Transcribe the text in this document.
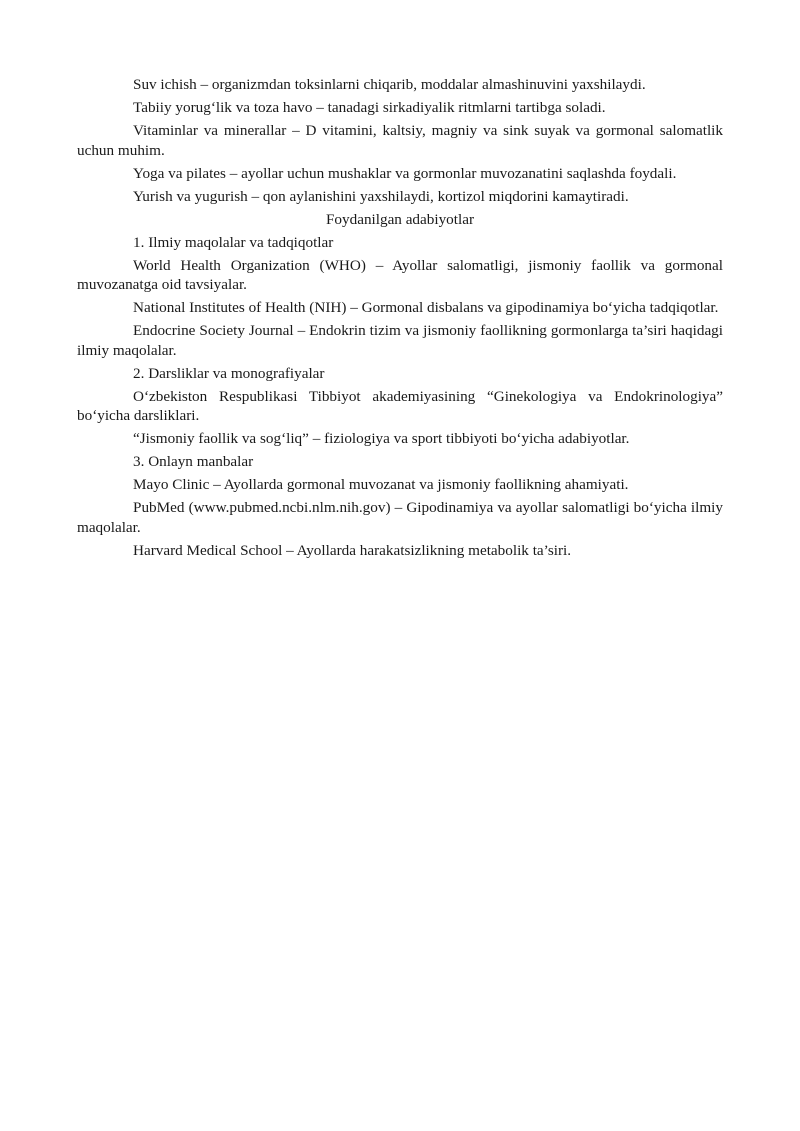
Suv ichish – organizmdan toksinlarni chiqarib, moddalar almashinuvini yaxshilaydi.

Tabiiy yorug‘lik va toza havo – tanadagi sirkadiyalik ritmlarni tartibga soladi.

Vitaminlar va minerallar – D vitamini, kaltsiy, magniy va sink suyak va gormonal salomatlik uchun muhim.

Yoga va pilates – ayollar uchun mushaklar va gormonlar muvozanatini saqlashda foydali.

Yurish va yugurish – qon aylanishini yaxshilaydi, kortizol miqdorini kamaytiradi.

Foydanilgan adabiyotlar

1. Ilmiy maqolalar va tadqiqotlar

World Health Organization (WHO) – Ayollar salomatligi, jismoniy faollik va gormonal muvozanatga oid tavsiyalar.

National Institutes of Health (NIH) – Gormonal disbalans va gipodinamiya bo‘yicha tadqiqotlar.

Endocrine Society Journal – Endokrin tizim va jismoniy faollikning gormonlarga ta’siri haqidagi ilmiy maqolalar.

2. Darsliklar va monografiyalar

O‘zbekiston Respublikasi Tibbiyot akademiyasining “Ginekologiya va Endokrinologiya” bo‘yicha darsliklari.

“Jismoniy faollik va sog‘liq” – fiziologiya va sport tibbiyoti bo‘yicha adabiyotlar.

3. Onlayn manbalar

Mayo Clinic – Ayollarda gormonal muvozanat va jismoniy faollikning ahamiyati.

PubMed (www.pubmed.ncbi.nlm.nih.gov) – Gipodinamiya va ayollar salomatligi bo‘yicha ilmiy maqolalar.

Harvard Medical School – Ayollarda harakatsizlikning metabolik ta’siri.
